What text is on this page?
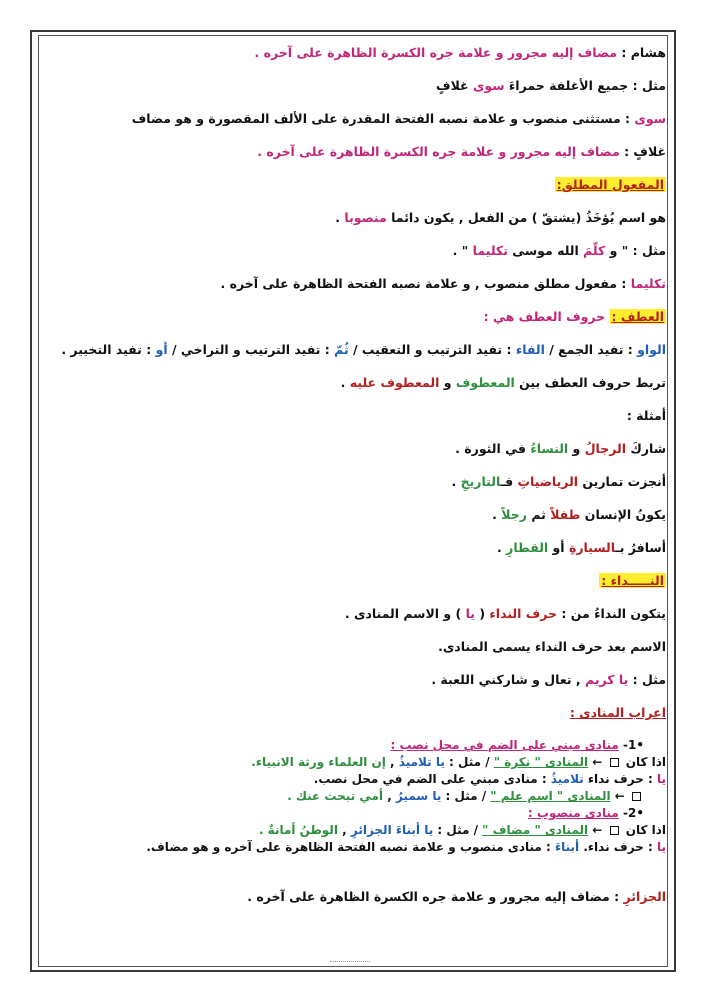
هشام : مضاف إليه مجرور و علامة جره الكسرة الظاهرة على آخره .
مثل : جميع الأغلفة حمراءَ سوى غلافٍ
سوى : مستثنى منصوب و علامة نصبه الفتحة المقدرة على الألف المقصورة و هو مضاف
غلافٍ : مضاف إليه مجرور و علامة جره الكسرة الظاهرة على آخره .
المفعول المطلق:
هو اسم يُؤخَذُ (يشتقّ ) من الفعل , يكون دائما منصوبا .
مثل : " و كلّمَ الله موسى تكليما " .
تكليما : مفعول مطلق منصوب , و علامة نصبه الفتحة الظاهرة على آخره .
العطف : حروف العطف هي :
الواو : تفيد الجمع / الفاء : تفيد الترتيب و التعقيب / ثُمّ : تفيد الترتيب و التراخي / أو : تفيد التخيير .
تربط حروف العطف بين المعطوف و المعطوف عليه .
أمثلة :
شاركَ الرجالُ و النساءُ في الثورة .
أنجزت تمارين الرياضياتِ فـالتاريخِ .
يكونُ الإنسان طفلاً ثم رجلاً .
أسافرُ بـالسيارةِ أو القطارِ .
النـــــداء :
يتكون النداءُ من : حرف النداء ( يا ) و الاسم المنادى .
الاسم بعد حرف النداء يسمى المنادى.
مثل : يا كريم , تعال و شاركني اللعبة .
اعراب المنادى :
•1- منادى مبني على الضم في محل نصب :
اذا كان  ← المنادى " نكرة " / مثل : يا تلاميذُ , إن العلماء ورثة الانبياء.
يا : حرف نداء تلاميذُ : منادى مبني على الضم في محل نصب.
← المنادى " اسم علم " / مثل : يا سميرُ , أمي تبحث عنك .
•2- منادى منصوب :
اذا كان  ← المنادى " مضاف " / مثل : يا أبناءَ الجزائرِ , الوطنُ أمانةٌ .
يا : حرف نداء. أبناءَ : منادى منصوب و علامة نصبه الفتحة الظاهرة على آخره و هو مضاف.
الجزائرِ : مضاف إليه مجرور و علامة جره الكسرة الظاهرة على آخره .
